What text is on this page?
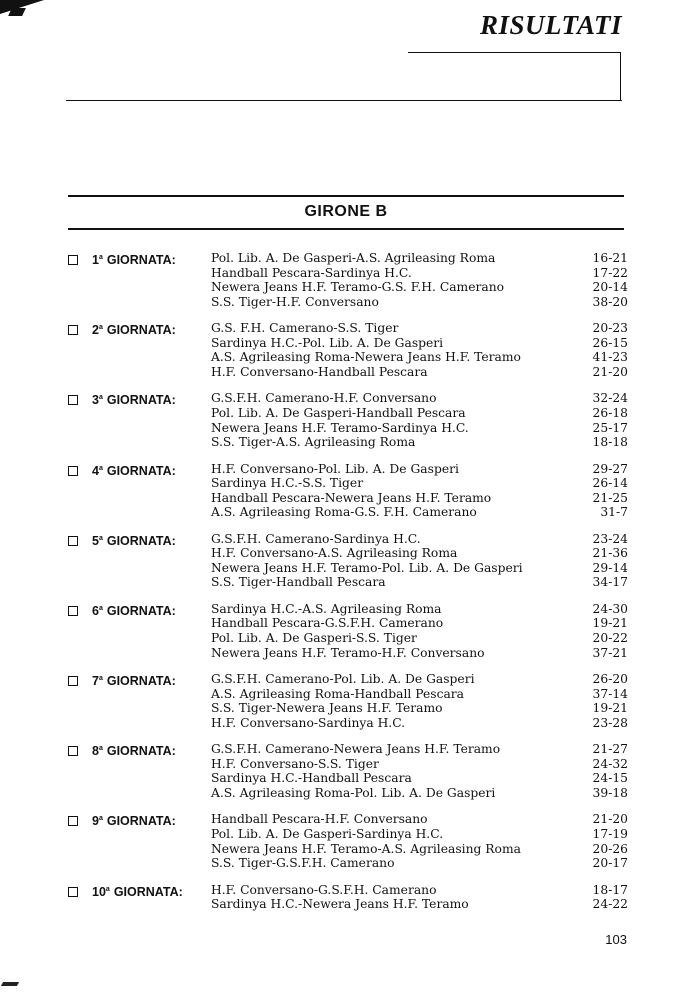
RISULTATI
GIRONE B
1$^a$ GIORNATA:	Pol. Lib. A. De Gasperi-A.S. Agrileasing Roma	16-21
Handball Pescara-Sardinya H.C.	17-22
Newera Jeans H.F. Teramo-G.S. F.H. Camerano	20-14
S.S. Tiger-H.F. Conversano	38-20
2$^a$ GIORNATA:	G.S. F.H. Camerano-S.S. Tiger	20-23
Sardinya H.C.-Pol. Lib. A. De Gasperi	26-15
A.S. Agrileasing Roma-Newera Jeans H.F. Teramo	41-23
H.F. Conversano-Handball Pescara	21-20
3$^a$ GIORNATA:	G.S.F.H. Camerano-H.F. Conversano	32-24
Pol. Lib. A. De Gasperi-Handball Pescara	26-18
Newera Jeans H.F. Teramo-Sardinya H.C.	25-17
S.S. Tiger-A.S. Agrileasing Roma	18-18
4$^a$ GIORNATA:	H.F. Conversano-Pol. Lib. A. De Gasperi	29-27
Sardinya H.C.-S.S. Tiger	26-14
Handball Pescara-Newera Jeans H.F. Teramo	21-25
A.S. Agrileasing Roma-G.S. F.H. Camerano	31-7
5$^a$ GIORNATA:	G.S.F.H. Camerano-Sardinya H.C.	23-24
H.F. Conversano-A.S. Agrileasing Roma	21-36
Newera Jeans H.F. Teramo-Pol. Lib. A. De Gasperi	29-14
S.S. Tiger-Handball Pescara	34-17
6$^a$ GIORNATA:	Sardinya H.C.-A.S. Agrileasing Roma	24-30
Handball Pescara-G.S.F.H. Camerano	19-21
Pol. Lib. A. De Gasperi-S.S. Tiger	20-22
Newera Jeans H.F. Teramo-H.F. Conversano	37-21
7$^a$ GIORNATA:	G.S.F.H. Camerano-Pol. Lib. A. De Gasperi	26-20
A.S. Agrileasing Roma-Handball Pescara	37-14
S.S. Tiger-Newera Jeans H.F. Teramo	19-21
H.F. Conversano-Sardinya H.C.	23-28
8$^a$ GIORNATA:	G.S.F.H. Camerano-Newera Jeans H.F. Teramo	21-27
H.F. Conversano-S.S. Tiger	24-32
Sardinya H.C.-Handball Pescara	24-15
A.S. Agrileasing Roma-Pol. Lib. A. De Gasperi	39-18
9$^a$ GIORNATA:	Handball Pescara-H.F. Conversano	21-20
Pol. Lib. A. De Gasperi-Sardinya H.C.	17-19
Newera Jeans H.F. Teramo-A.S. Agrileasing Roma	20-26
S.S. Tiger-G.S.F.H. Camerano	20-17
10$^a$ GIORNATA: H.F. Conversano-G.S.F.H. Camerano	18-17
Sardinya H.C.-Newera Jeans H.F. Teramo	24-22
103
